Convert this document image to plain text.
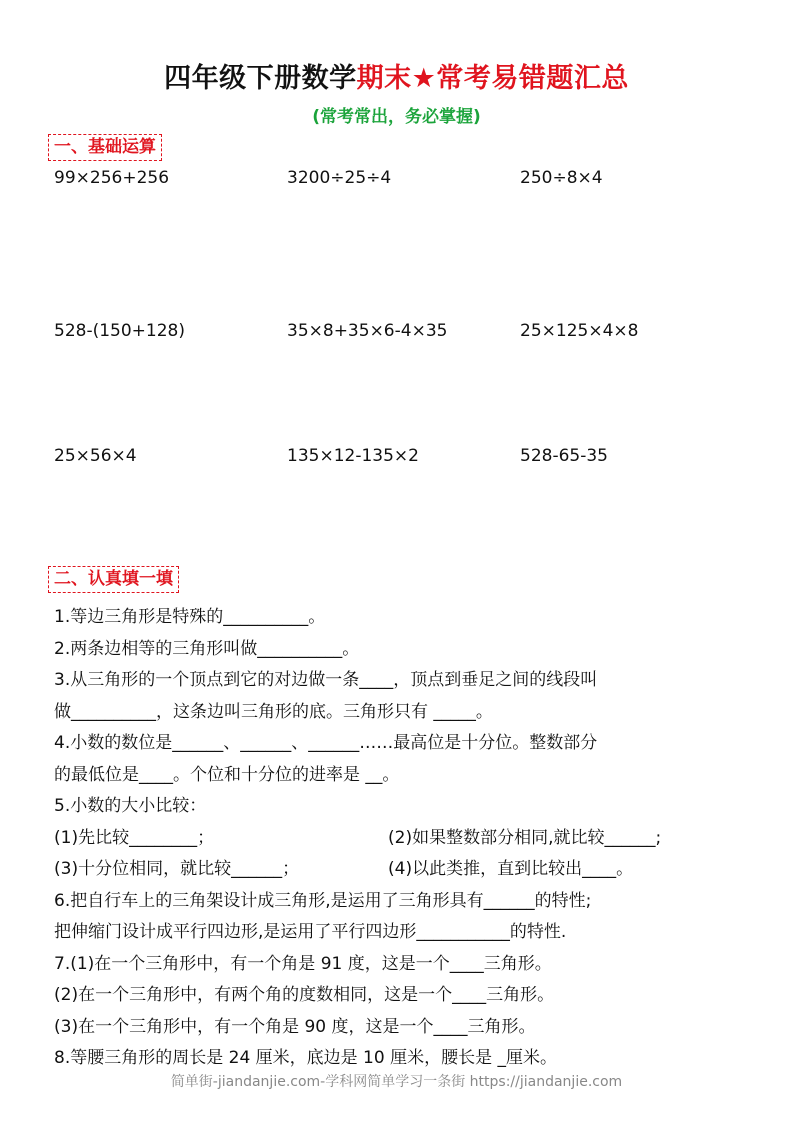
四年级下册数学期末★常考易错题汇总
(常考常出，务必掌握)
一、基础运算
99×256+256	3200÷25÷4	250÷8×4
528-(150+128)	35×8+35×6-4×35	25×125×4×8
25×56×4	135×12-135×2	528-65-35
二、认真填一填
1.等边三角形是特殊的__________。
2.两条边相等的三角形叫做__________。
3.从三角形的一个顶点到它的对边做一条____，顶点到垂足之间的线段叫
做__________，这条边叫三角形的底。三角形只有 _____。
4.小数的数位是______、______、______……最高位是十分位。整数部分
的最低位是____。个位和十分位的进率是 __。
5.小数的大小比较：
(1)先比较________；	(2)如果整数部分相同,就比较______;
(3)十分位相同，就比较______；	(4)以此类推，直到比较出____。
6.把自行车上的三角架设计成三角形,是运用了三角形具有______的特性;
把伸缩门设计成平行四边形,是运用了平行四边形___________的特性.
7.(1)在一个三角形中，有一个角是 91 度，这是一个____三角形。
(2)在一个三角形中，有两个角的度数相同，这是一个____三角形。
(3)在一个三角形中，有一个角是 90 度，这是一个____三角形。
8.等腰三角形的周长是 24 厘米，底边是 10 厘米，腰长是 _厘米。
简单街-jiandanjie.com-学科网简单学习一条街 https://jiandanjie.com
